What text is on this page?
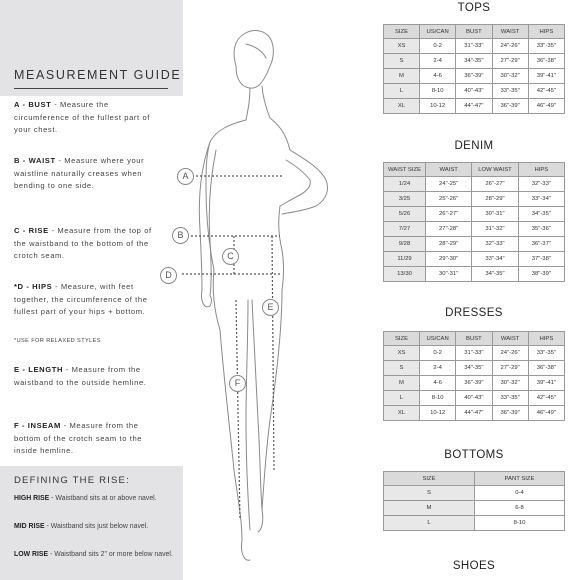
MEASUREMENT GUIDE
A - BUST - Measure the circumference of the fullest part of your chest.
B - WAIST - Measure where your waistline naturally creases when bending to one side.
C - RISE - Measure from the top of the waistband to the bottom of the crotch seam.
*D - HIPS - Measure, with feet together, the circumference of the fullest part of your hips + bottom.
*USE FOR RELAXED STYLES
E - LENGTH - Measure from the waistband to the outside hemline.
F - INSEAM - Measure from the bottom of the crotch seam to the inside hemline.
DEFINING THE RISE:
HIGH RISE - Waistband sits at or above navel.
MID RISE - Waistband sits just below navel.
LOW RISE - Waistband sits 2" or more below navel.
A
B
C
D
E
F
TOPS
SIZE	US/CAN	BUST	WAIST	HIPS
XS	0-2	31"-33"	24"-26"	33"-35"
S	2-4	34"-35"	27"-29"	36"-38"
M	4-6	36"-39"	30"-32"	39"-41"
L	8-10	40"-43"	33"-35"	42"-45"
XL	10-12	44"-47"	36"-39"	46"-49"
DENIM
WAIST SIZE	WAIST	LOW WAIST	HIPS
1/24	24"-25"	26"-27"	32"-33"
3/25	25"-26"	28"-29"	33"-34"
5/26	26"-27"	30"-31"	34"-35"
7/27	27"-28"	31"-32"	35"-36"
9/28	28"-29"	32"-33"	36"-37"
11/29	29"-30"	33"-34"	37"-38"
13/30	30"-31"	34"-35"	38"-39"
DRESSES
SIZE	US/CAN	BUST	WAIST	HIPS
XS	0-2	31"-33"	24"-26"	33"-35"
S	2-4	34"-35"	27"-29"	36"-38"
M	4-6	36"-39"	30"-32"	39"-41"
L	8-10	40"-43"	33"-35"	42"-45"
XL	10-12	44"-47"	36"-39"	46"-49"
BOTTOMS
SIZE	PANT SIZE
S	0-4
M	6-8
L	8-10
SHOES
